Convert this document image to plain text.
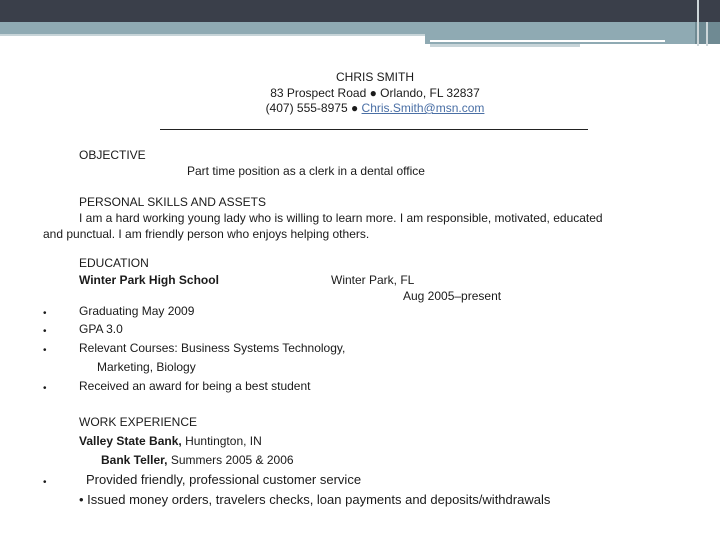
CHRIS SMITH
83 Prospect Road ● Orlando, FL 32837
(407) 555-8975 ● Chris.Smith@msn.com
OBJECTIVE
Part time position as a clerk in a dental office
PERSONAL SKILLS AND ASSETS
I am a hard working young lady who is willing to learn more. I am responsible, motivated, educated
and punctual. I am friendly person who enjoys helping others.
EDUCATION
Winter Park High School	Winter Park, FL
Aug 2005–present
•	Graduating May 2009
•	GPA 3.0
•	Relevant Courses: Business Systems Technology,
Marketing, Biology
•	Received an award for being a best student
WORK EXPERIENCE
Valley State Bank, Huntington, IN
Bank Teller, Summers 2005 & 2006
•	Provided friendly, professional customer service
• Issued money orders, travelers checks, loan payments and deposits/withdrawals
